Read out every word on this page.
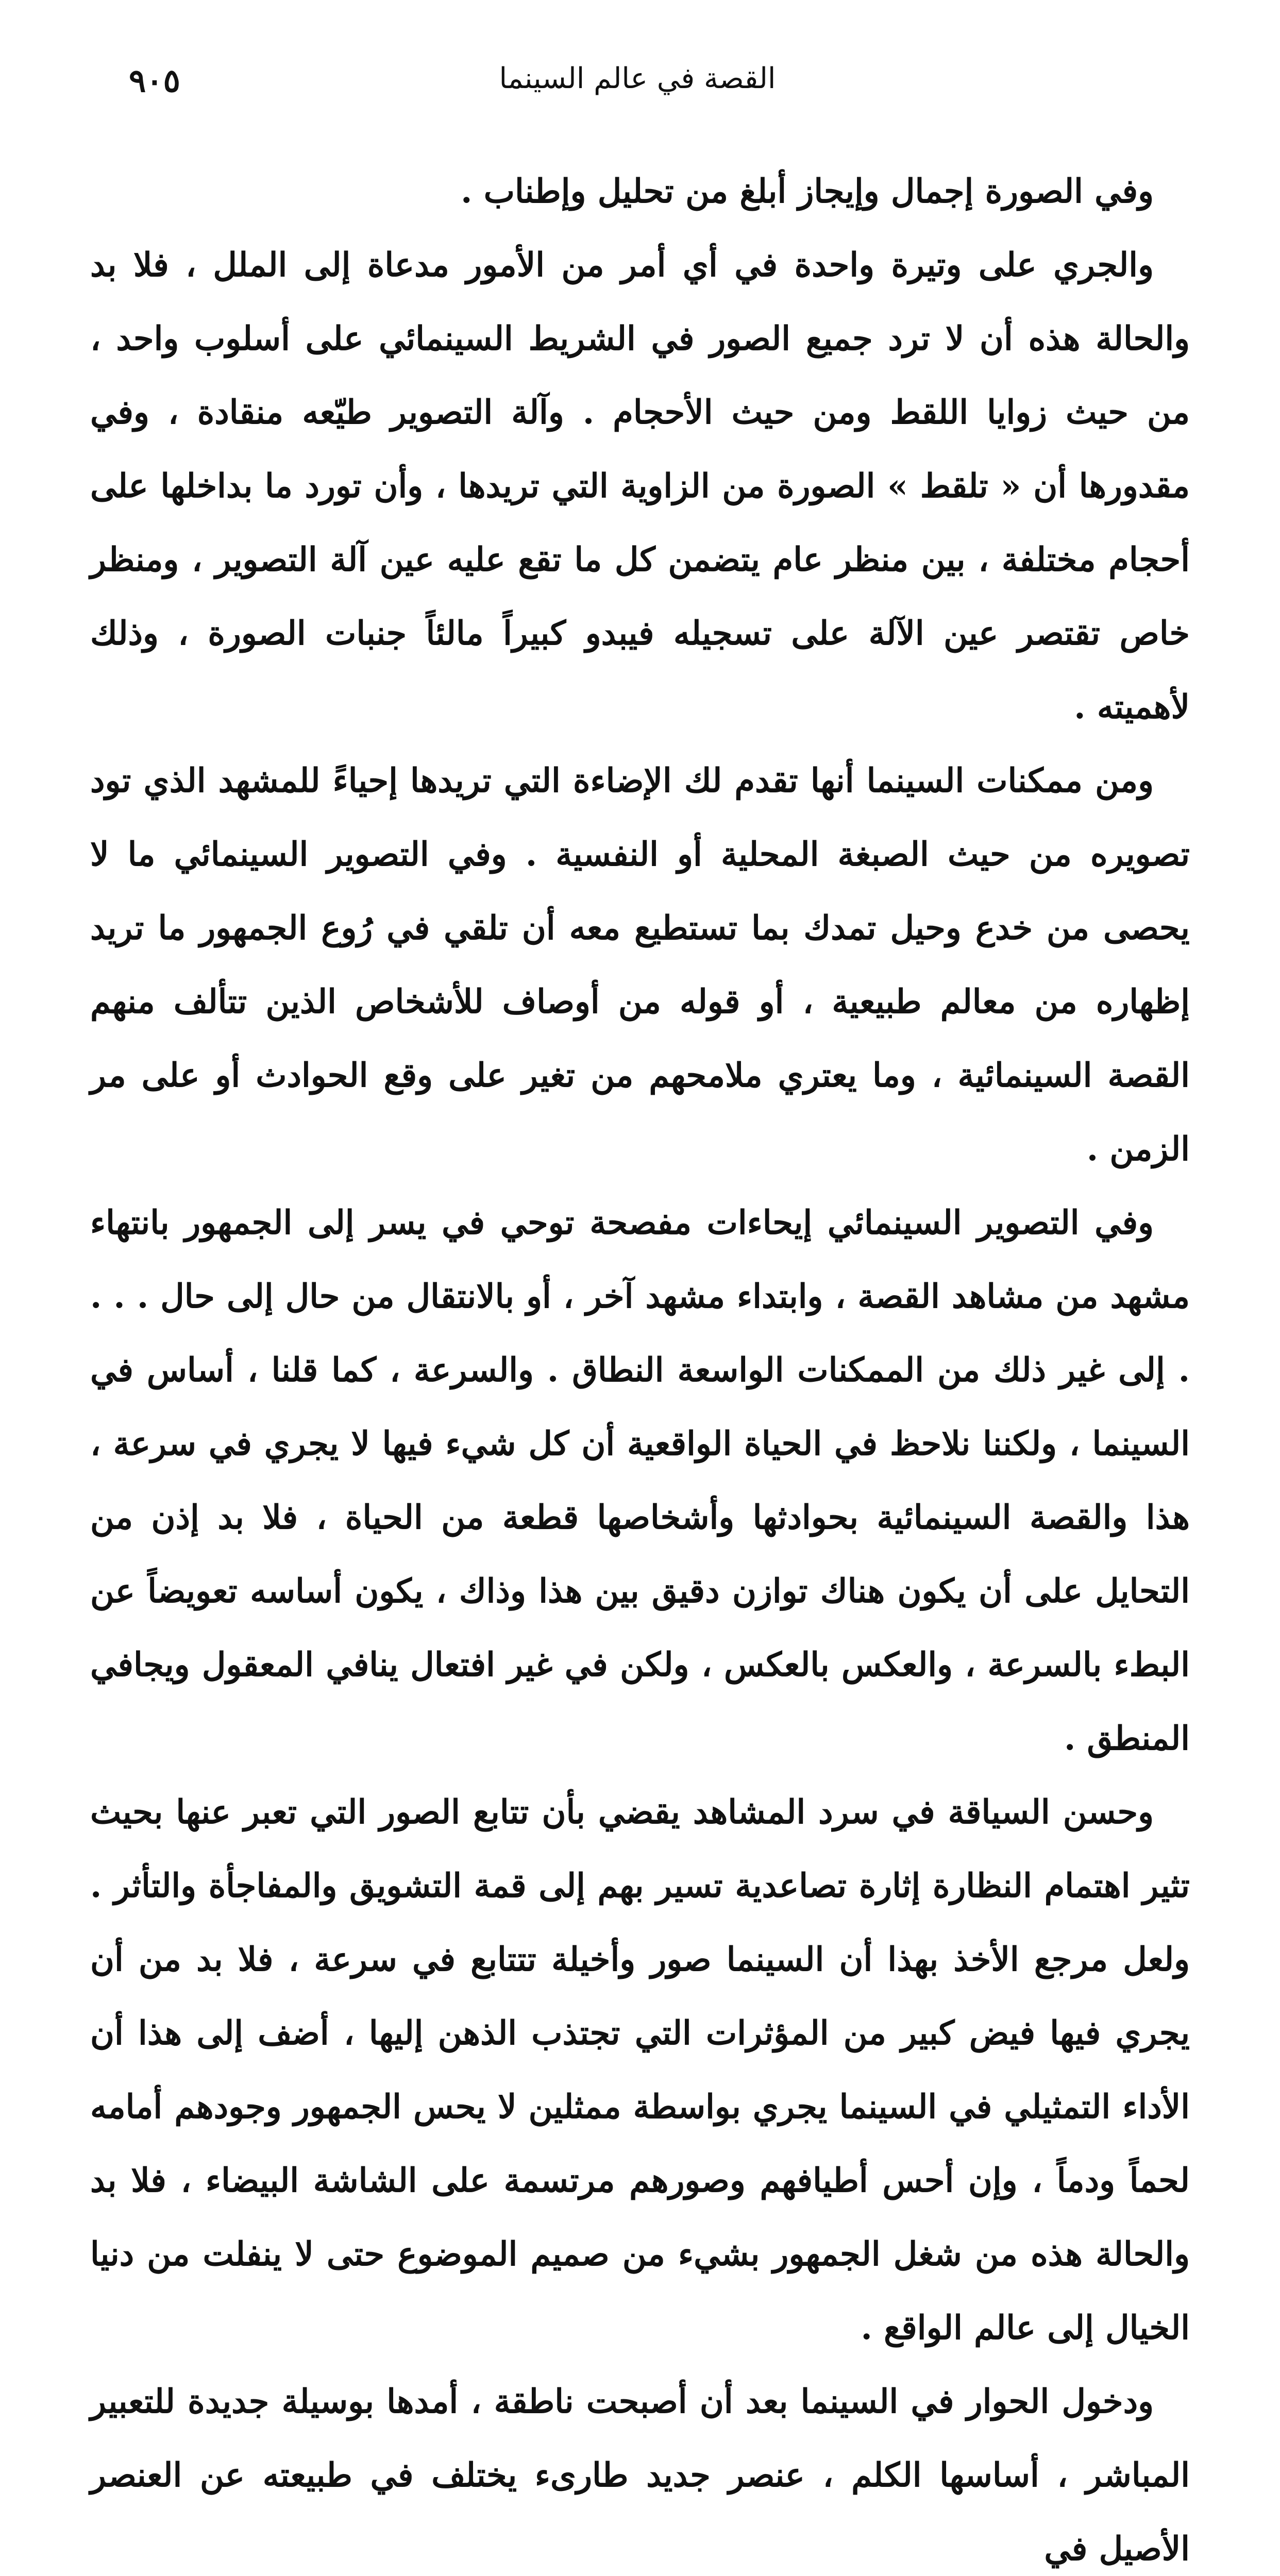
القصة في عالم السينما
٩٠٥

وفي الصورة إجمال وإيجاز أبلغ من تحليل وإطناب .

والجري على وتيرة واحدة في أي أمر من الأمور مدعاة إلى الملل ، فلا بد والحالة هذه أن لا ترد جميع الصور في الشريط السينمائي على أسلوب واحد ، من حيث زوايا اللقط ومن حيث الأحجام . وآلة التصوير طيّعه منقادة ، وفي مقدورها أن « تلقط » الصورة من الزاوية التي تريدها ، وأن تورد ما بداخلها على أحجام مختلفة ، بين منظر عام يتضمن كل ما تقع عليه عين آلة التصوير ، ومنظر خاص تقتصر عين الآلة على تسجيله فيبدو كبيراً مالئاً جنبات الصورة ، وذلك لأهميته .

ومن ممكنات السينما أنها تقدم لك الإضاءة التي تريدها إحياءً للمشهد الذي تود تصويره من حيث الصبغة المحلية أو النفسية . وفي التصوير السينمائي ما لا يحصى من خدع وحيل تمدك بما تستطيع معه أن تلقي في رُوع الجمهور ما تريد إظهاره من معالم طبيعية ، أو قوله من أوصاف للأشخاص الذين تتألف منهم القصة السينمائية ، وما يعتري ملامحهم من تغير على وقع الحوادث أو على مر الزمن .

وفي التصوير السينمائي إيحاءات مفصحة توحي في يسر إلى الجمهور بانتهاء مشهد من مشاهد القصة ، وابتداء مشهد آخر ، أو بالانتقال من حال إلى حال . . . . إلى غير ذلك من الممكنات الواسعة النطاق . والسرعة ، كما قلنا ، أساس في السينما ، ولكننا نلاحظ في الحياة الواقعية أن كل شيء فيها لا يجري في سرعة ، هذا والقصة السينمائية بحوادثها وأشخاصها قطعة من الحياة ، فلا بد إذن من التحايل على أن يكون هناك توازن دقيق بين هذا وذاك ، يكون أساسه تعويضاً عن البطء بالسرعة ، والعكس بالعكس ، ولكن في غير افتعال ينافي المعقول ويجافي المنطق .

وحسن السياقة في سرد المشاهد يقضي بأن تتابع الصور التي تعبر عنها بحيث تثير اهتمام النظارة إثارة تصاعدية تسير بهم إلى قمة التشويق والمفاجأة والتأثر . ولعل مرجع الأخذ بهذا أن السينما صور وأخيلة تتتابع في سرعة ، فلا بد من أن يجري فيها فيض كبير من المؤثرات التي تجتذب الذهن إليها ، أضف إلى هذا أن الأداء التمثيلي في السينما يجري بواسطة ممثلين لا يحس الجمهور وجودهم أمامه لحماً ودماً ، وإن أحس أطيافهم وصورهم مرتسمة على الشاشة البيضاء ، فلا بد والحالة هذه من شغل الجمهور بشيء من صميم الموضوع حتى لا ينفلت من دنيا الخيال إلى عالم الواقع .

ودخول الحوار في السينما بعد أن أصبحت ناطقة ، أمدها بوسيلة جديدة للتعبير المباشر ، أساسها الكلم ، عنصر جديد طارىء يختلف في طبيعته عن العنصر الأصيل في
